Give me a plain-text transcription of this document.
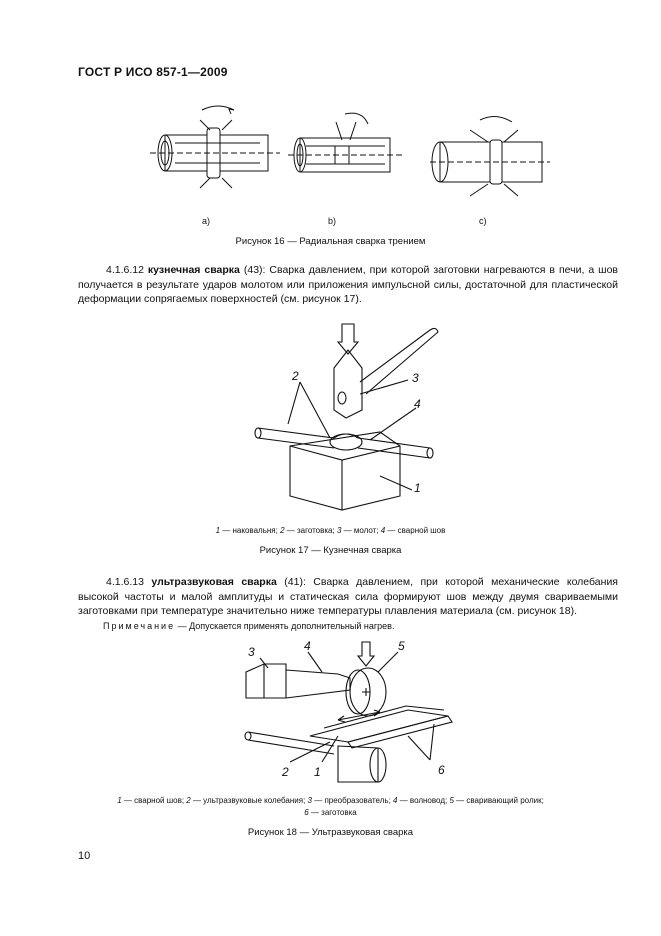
ГОСТ Р ИСО 857-1—2009
a)	b)	c)
Рисунок 16 — Радиальная сварка трением
4.1.6.12 кузнечная сварка (43): Сварка давлением, при которой заготовки нагреваются в печи, а шов получается в результате ударов молотом или приложения импульсной силы, достаточной для пластической деформации сопрягаемых поверхностей (см. рисунок 17).
2	3
4
1
1 — наковальня; 2 — заготовка; 3 — молот; 4 — сварной шов
Рисунок 17 — Кузнечная сварка
4.1.6.13 ультразвуковая сварка (41): Сварка давлением, при которой механические колебания высокой частоты и малой амплитуды и статическая сила формируют шов между двумя свариваемыми заготовками при температуре значительно ниже температуры плавления материала (см. рисунок 18).
Примечание — Допускается применять дополнительный нагрев.
3	4	5
2 1	6
1 — сварной шов; 2 — ультразвуковые колебания; 3 — преобразователь; 4 — волновод; 5 — сваривающий ролик;
6 — заготовка
Рисунок 18 — Ультразвуковая сварка
10
